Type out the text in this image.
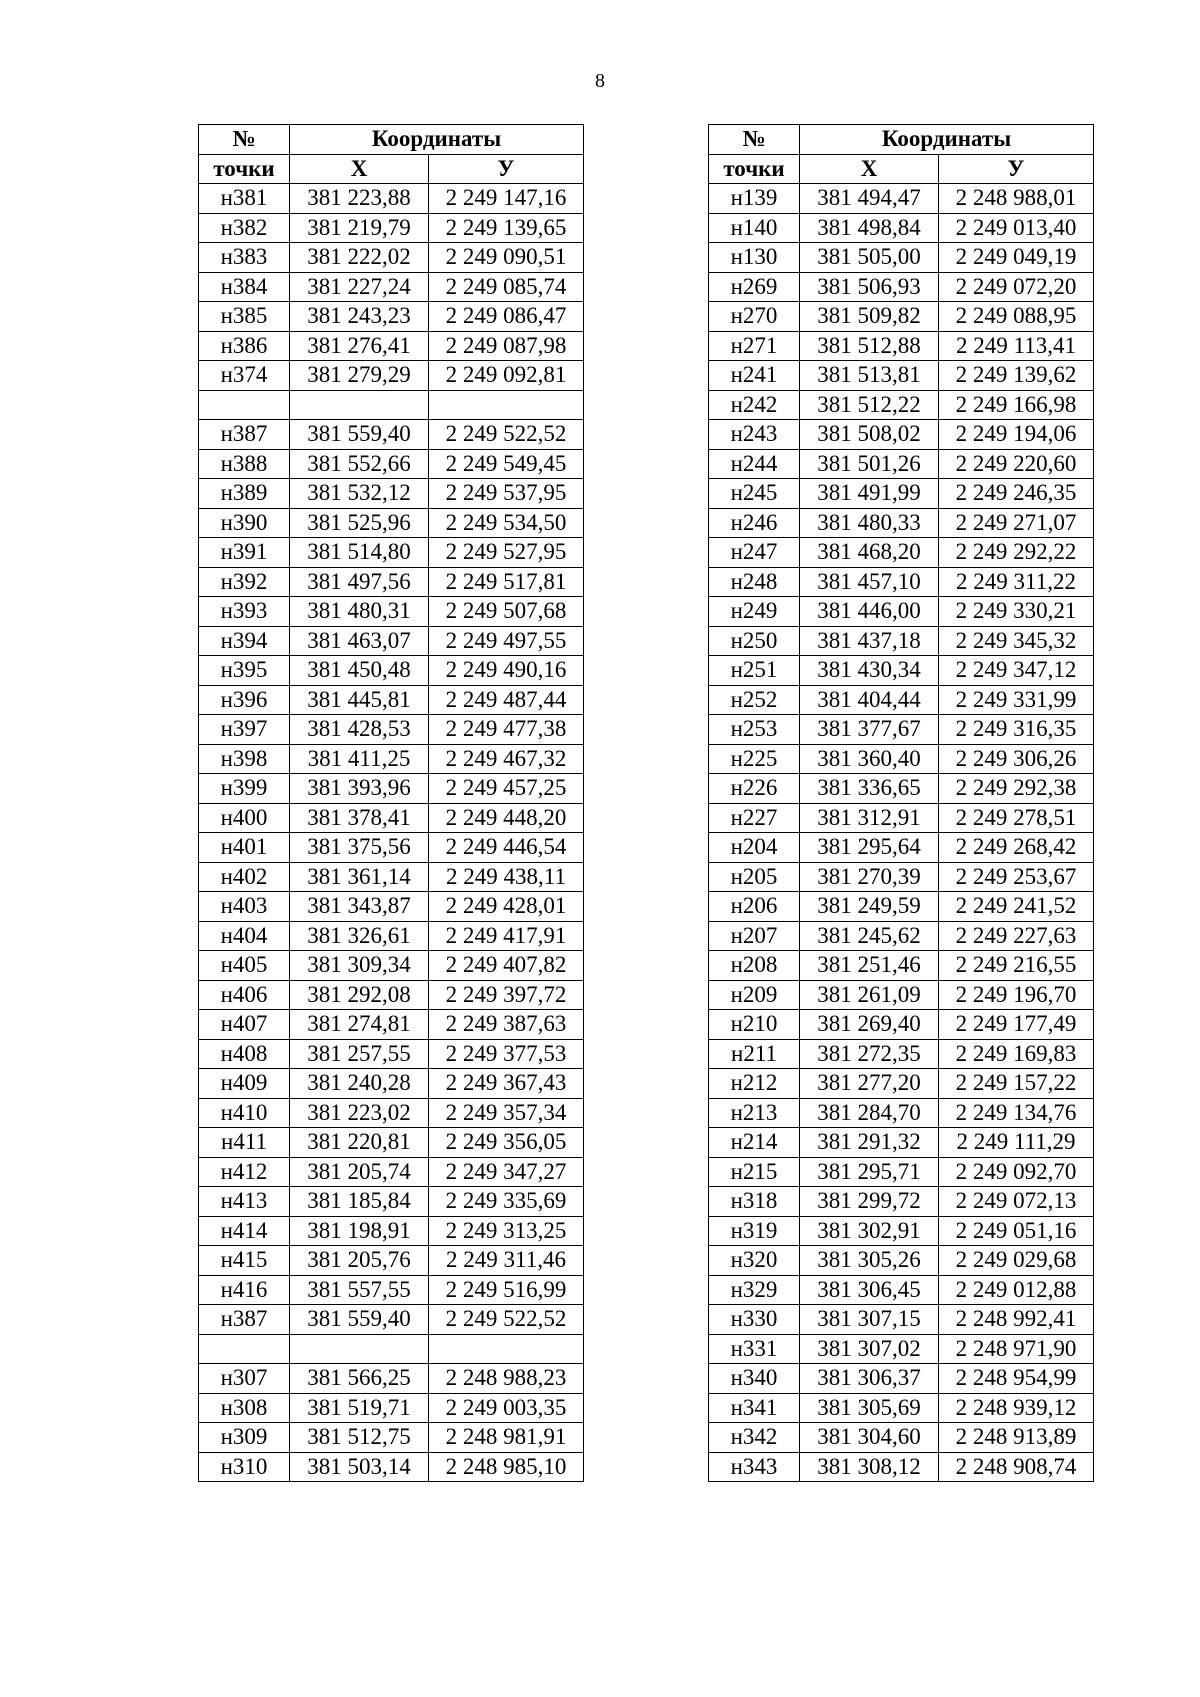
8
№	Координаты	
точки	X	У
н381	381 223,88	2 249 147,16
н382	381 219,79	2 249 139,65
н383	381 222,02	2 249 090,51
н384	381 227,24	2 249 085,74
н385	381 243,23	2 249 086,47
н386	381 276,41	2 249 087,98
н374	381 279,29	2 249 092,81

н387	381 559,40	2 249 522,52
н388	381 552,66	2 249 549,45
н389	381 532,12	2 249 537,95
н390	381 525,96	2 249 534,50
н391	381 514,80	2 249 527,95
н392	381 497,56	2 249 517,81
н393	381 480,31	2 249 507,68
н394	381 463,07	2 249 497,55
н395	381 450,48	2 249 490,16
н396	381 445,81	2 249 487,44
н397	381 428,53	2 249 477,38
н398	381 411,25	2 249 467,32
н399	381 393,96	2 249 457,25
н400	381 378,41	2 249 448,20
н401	381 375,56	2 249 446,54
н402	381 361,14	2 249 438,11
н403	381 343,87	2 249 428,01
н404	381 326,61	2 249 417,91
н405	381 309,34	2 249 407,82
н406	381 292,08	2 249 397,72
н407	381 274,81	2 249 387,63
н408	381 257,55	2 249 377,53
н409	381 240,28	2 249 367,43
н410	381 223,02	2 249 357,34
н411	381 220,81	2 249 356,05
н412	381 205,74	2 249 347,27
н413	381 185,84	2 249 335,69
н414	381 198,91	2 249 313,25
н415	381 205,76	2 249 311,46
н416	381 557,55	2 249 516,99
н387	381 559,40	2 249 522,52

н307	381 566,25	2 248 988,23
н308	381 519,71	2 249 003,35
н309	381 512,75	2 248 981,91
н310	381 503,14	2 248 985,10
№	Координаты	
точки	X	У
н139	381 494,47	2 248 988,01
н140	381 498,84	2 249 013,40
н130	381 505,00	2 249 049,19
н269	381 506,93	2 249 072,20
н270	381 509,82	2 249 088,95
н271	381 512,88	2 249 113,41
н241	381 513,81	2 249 139,62
н242	381 512,22	2 249 166,98
н243	381 508,02	2 249 194,06
н244	381 501,26	2 249 220,60
н245	381 491,99	2 249 246,35
н246	381 480,33	2 249 271,07
н247	381 468,20	2 249 292,22
н248	381 457,10	2 249 311,22
н249	381 446,00	2 249 330,21
н250	381 437,18	2 249 345,32
н251	381 430,34	2 249 347,12
н252	381 404,44	2 249 331,99
н253	381 377,67	2 249 316,35
н225	381 360,40	2 249 306,26
н226	381 336,65	2 249 292,38
н227	381 312,91	2 249 278,51
н204	381 295,64	2 249 268,42
н205	381 270,39	2 249 253,67
н206	381 249,59	2 249 241,52
н207	381 245,62	2 249 227,63
н208	381 251,46	2 249 216,55
н209	381 261,09	2 249 196,70
н210	381 269,40	2 249 177,49
н211	381 272,35	2 249 169,83
н212	381 277,20	2 249 157,22
н213	381 284,70	2 249 134,76
н214	381 291,32	2 249 111,29
н215	381 295,71	2 249 092,70
н318	381 299,72	2 249 072,13
н319	381 302,91	2 249 051,16
н320	381 305,26	2 249 029,68
н329	381 306,45	2 249 012,88
н330	381 307,15	2 248 992,41
н331	381 307,02	2 248 971,90
н340	381 306,37	2 248 954,99
н341	381 305,69	2 248 939,12
н342	381 304,60	2 248 913,89
н343	381 308,12	2 248 908,74
